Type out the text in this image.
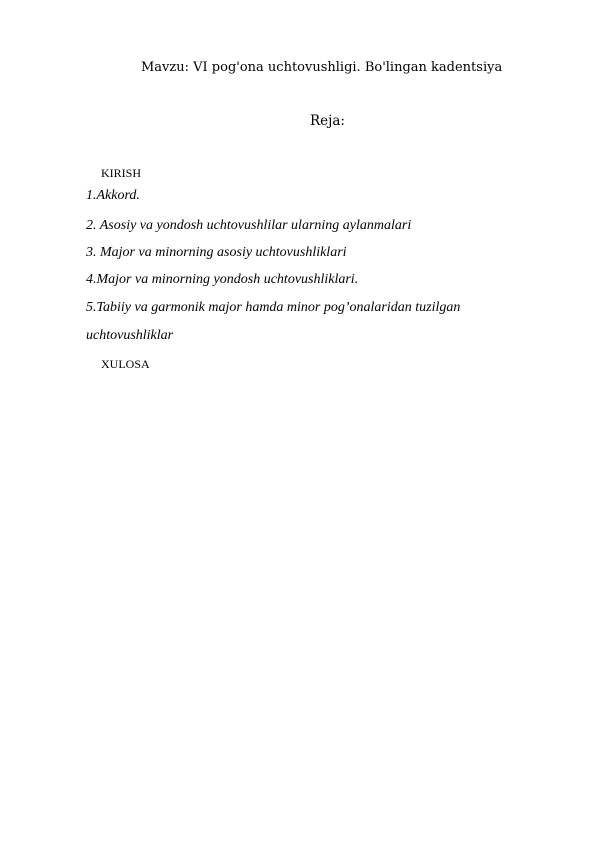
Mavzu: VI pog'ona uchtovushligi. Bo'lingan kadentsiya
Reja:

KIRISH

1.Akkord.

2. Asosiy va yondosh uchtovushlilar ularning aylanmalari

3. Major va minorning asosiy uchtovushliklari

4.Major va minorning yondosh uchtovushliklari.

5.Tabiiy va garmonik major hamda minor pog’onalaridan tuzilgan

uchtovushliklar

XULOSA
